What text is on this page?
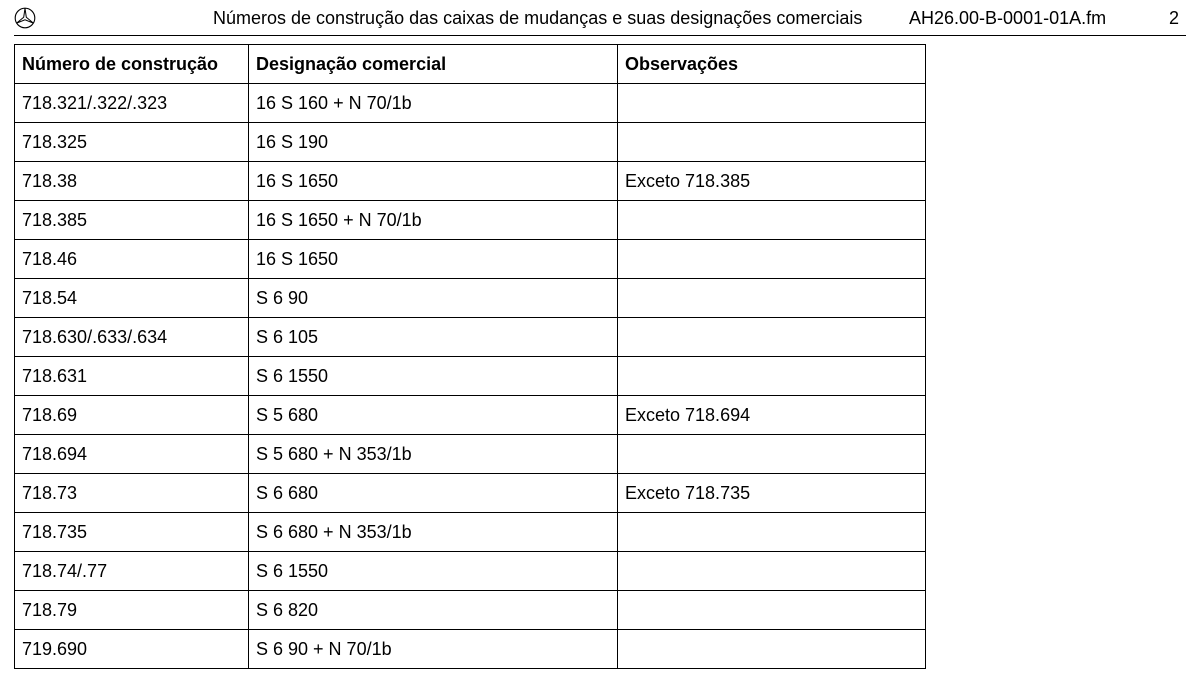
Números de construção das caixas de mudanças e suas designações comerciais	AH26.00-B-0001-01A.fm	2
Número de construção	Designação comercial	Observações
718.321/.322/.323	16 S 160 + N 70/1b	
718.325	16 S 190	
718.38	16 S 1650	Exceto 718.385
718.385	16 S 1650 + N 70/1b	
718.46	16 S 1650	
718.54	S 6 90	
718.630/.633/.634	S 6 105	
718.631	S 6 1550	
718.69	S 5 680	Exceto 718.694
718.694	S 5 680 + N 353/1b	
718.73	S 6 680	Exceto 718.735
718.735	S 6 680 + N 353/1b	
718.74/.77	S 6 1550	
718.79	S 6 820	
719.690	S 6 90 + N 70/1b	
